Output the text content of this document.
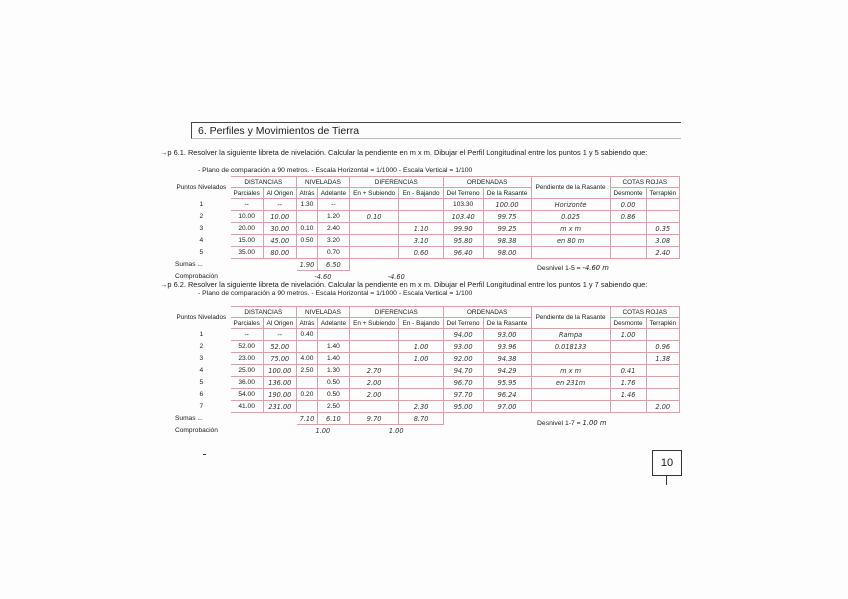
6. Perfiles y Movimientos de Tierra
→p 6.1. Resolver la siguiente libreta de nivelación. Calcular la pendiente en m x m. Dibujar el Perfil Longitudinal entre los puntos 1 y 5 sabiendo que:
- Plano de comparación a 90 metros. - Escala Horizontal = 1/1000 - Escala Vertical = 1/100
Puntos Nivelados	DISTANCIAS		NIVELADAS		DIFERENCIAS		ORDENADAS		Pendiente de la Rasante	COTAS ROJAS	
	Parciales	Al Origen	Atrás	Adelante	En + Subiendo	En - Bajando	Del Terreno	De la Rasante		Desmonte	Terraplén
1	--	--	1.30	--			103.30	100.00	Horizonte	0.00	
2	10.00	10.00		1.20	0.10		103.40	99.75	0.025	0.86	
3	20.00	30.00	0.10	2.40		1.10	99.90	99.25	m x m		0.35
4	15.00	45.00	0.50	3.20		3.10	95.80	98.38	en 80 m		3.08
5	35.00	80.00		0.70		0.60	96.40	98.00			2.40
Sumas ...			1.90	6.50							
Comprobación			-4.60		-4.60						
Desnivel 1-5 = -4.60 m
→p 6.2. Resolver la siguiente libreta de nivelación. Calcular la pendiente en m x m. Dibujar el Perfil Longitudinal entre los puntos 1 y 7 sabiendo que:
- Plano de comparación a 90 metros. - Escala Horizontal = 1/1000 - Escala Vertical = 1/100
Puntos Nivelados	DISTANCIAS		NIVELADAS		DIFERENCIAS		ORDENADAS		Pendiente de la Rasante	COTAS ROJAS	
	Parciales	Al Origen	Atrás	Adelante	En + Subiendo	En - Bajando	Del Terreno	De la Rasante		Desmonte	Terraplén
1	--	--	0.40				94.00	93.00	Rampa	1.00	
2	52.00	52.00		1.40		1.00	93.00	93.96	0.018133		0.96
3	23.00	75.00	4.00	1.40		1.00	92.00	94.38			1.38
4	25.00	100.00	2.50	1.30	2.70		94.70	94.29	m x m	0.41	
5	36.00	136.00		0.50	2.00		96.70	95.95	en 231m	1.76	
6	54.00	190.00	0.20	0.50	2.00		97.70	96.24		1.46	
7	41.00	231.00		2.50		2.30	95.00	97.00			2.00
Sumas ...			7.10	6.10	9.70	8.70					
Comprobación			1.00		1.00						
Desnivel 1-7 = 1.00 m
10
